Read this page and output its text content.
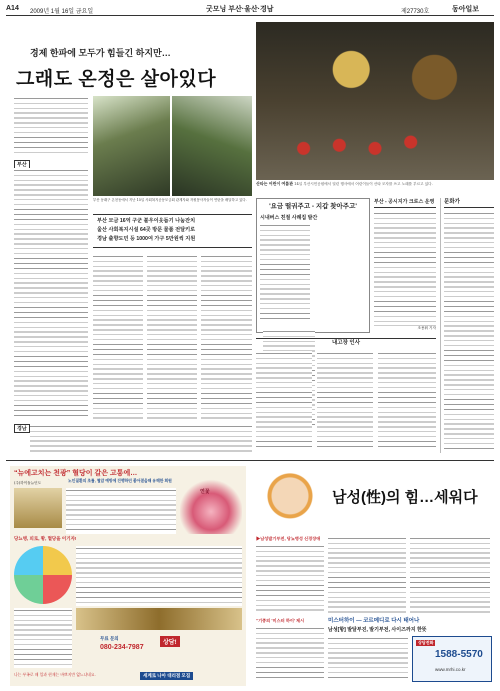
A14 2009년 1월 16일 금요일	굿모닝 부산·울산·경남	제27730호	동아일보
경제 한파에 모두가 힘들긴 하지만…
그래도 온정은 살아있다
부산
부산 동래구 온천동에서 지난 15일 사회복지공동모금회 관계자와 자원봉사자들이 연탄을 배달하고 있다.
부산 모금 16억 구군 불우이웃돕기 나눔잔치
울산 사회복지시설 64곳 방문 물품 전달키로
경남 출향도민 등 1000여 가구 5만원씩 지원
산타는 어린이 여름관 14일 부산시민공원에서 열린 행사에서 어린이들이 산타 모자를 쓰고 노래를 부르고 있다.
'요금 떨궈주고 - 지갑 찾아주고'
시내버스 친절 사례집 발간

부산 - 공시지가 크로스 운영
조용휘 기자
문화가
내고장 인사
경남
“뉴에고치는 천광” 혈당이 갈은 고통에…
노인질환의 초를, 혈압 예방에 진행하던 좋아졌을때 유해한 회원
(주)하이돌뉴딘도
연꽃
당뇨병, 피로, 황, 혈당을 이기자!
상담!
무료 문의
080-234-7987
나는 부족로 때 입과 현재는 바쁘지만 없느냐네요.	세계로 나아 대리점 모집
남성(性)의 힘…세워다
▶남성발기부전, 당뇨병성 신경장애
미스터하이 — 코르메디로 다시 태어나
남성[항] 발달부진, 발기부전, 사이즈까지 한뜻
“기종의 ‘미스터 하이’ 제시
상담전화
1588-5570
www.mrhi.co.kr
